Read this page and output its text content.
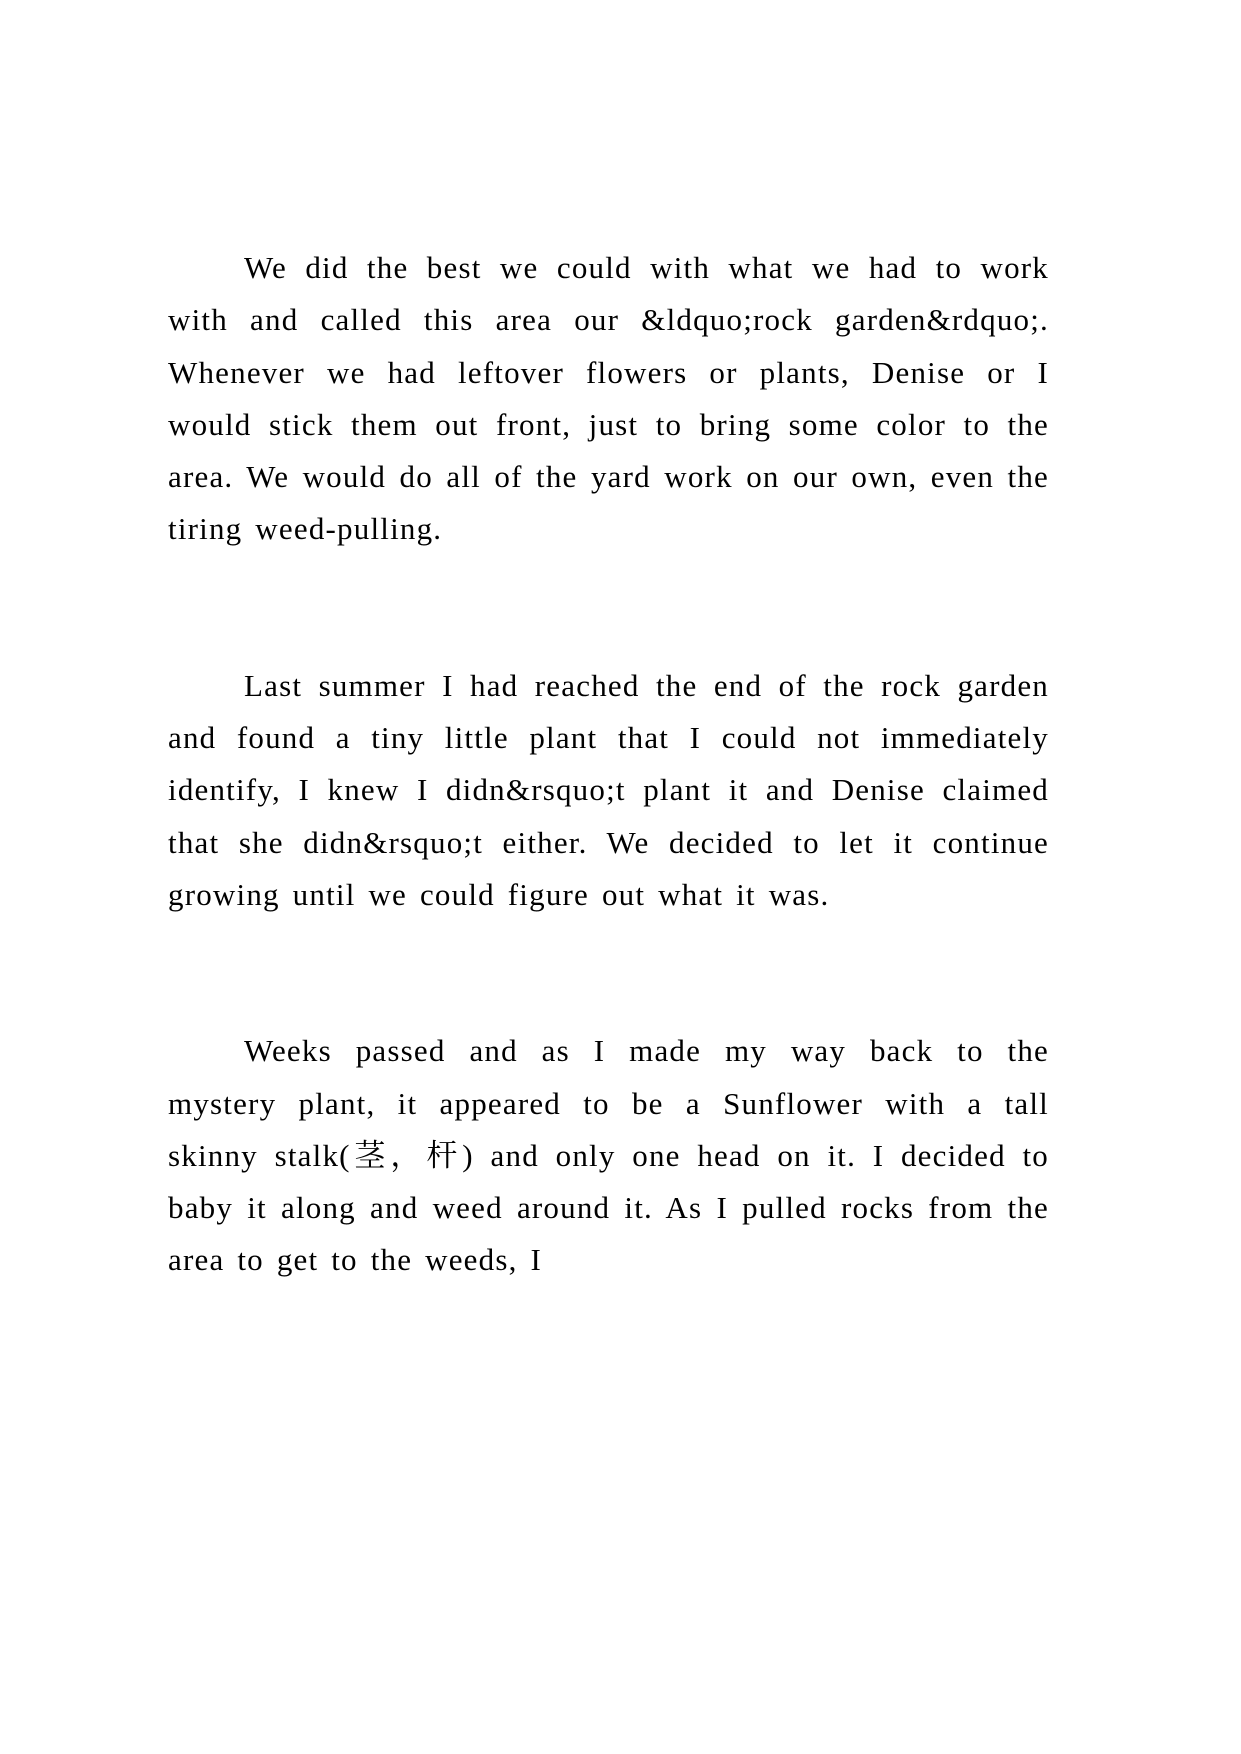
We did the best we could with what we had to work with and called this area our &ldquo;rock garden&rdquo;. Whenever we had leftover flowers or plants, Denise or I would stick them out front, just to bring some color to the area. We would do all of the yard work on our own, even the tiring weed-pulling.

Last summer I had reached the end of the rock garden and found a tiny little plant that I could not immediately identify, I knew I didn&rsquo;t plant it and Denise claimed that she didn&rsquo;t either. We decided to let it continue growing until we could figure out what it was.

Weeks passed and as I made my way back to the mystery plant, it appeared to be a Sunflower with a tall skinny stalk(茎，杆) and only one head on it. I decided to baby it along and weed around it. As I pulled rocks from the area to get to the weeds, I
